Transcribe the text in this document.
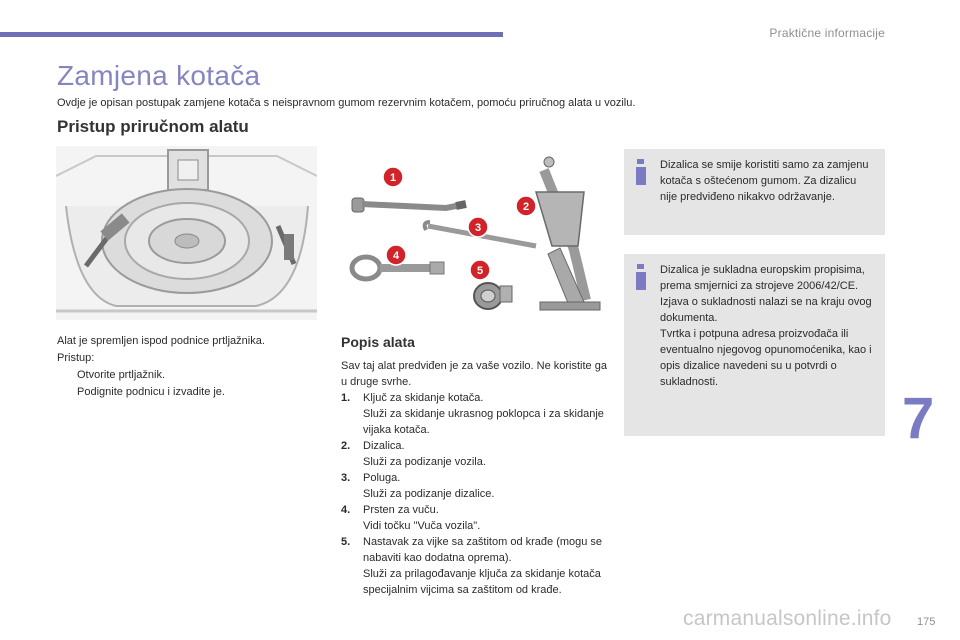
Praktične informacije
Zamjena kotača
Ovdje je opisan postupak zamjene kotača s neispravnom gumom rezervnim kotačem, pomoću priručnog alata u vozilu.
Pristup priručnom alatu
1
2
3
4
5
Alat je spremljen ispod podnice prtljažnika.
Pristup:
Otvorite prtljažnik.
Podignite podnicu i izvadite je.
Popis alata
Sav taj alat predviđen je za vaše vozilo. Ne koristite ga u druge svrhe.
1.	Ključ za skidanje kotača.
Služi za skidanje ukrasnog poklopca i za skidanje vijaka kotača.
2.	Dizalica.
Služi za podizanje vozila.
3.	Poluga.
Služi za podizanje dizalice.
4.	Prsten za vuču.
Vidi točku "Vuča vozila".
5.	Nastavak za vijke sa zaštitom od krađe (mogu se nabaviti kao dodatna oprema).
Služi za prilagođavanje ključa za skidanje kotača specijalnim vijcima sa zaštitom od krađe.
Dizalica se smije koristiti samo za zamjenu kotača s oštećenom gumom. Za dizalicu nije predviđeno nikakvo održavanje.
Dizalica je sukladna europskim propisima, prema smjernici za strojeve 2006/42/CE.
Izjava o sukladnosti nalazi se na kraju ovog dokumenta.
Tvrtka i potpuna adresa proizvođača ili eventualno njegovog opunomoćenika, kao i opis dizalice navedeni su u potvrdi o sukladnosti.
7
carmanualsonline.info 175
